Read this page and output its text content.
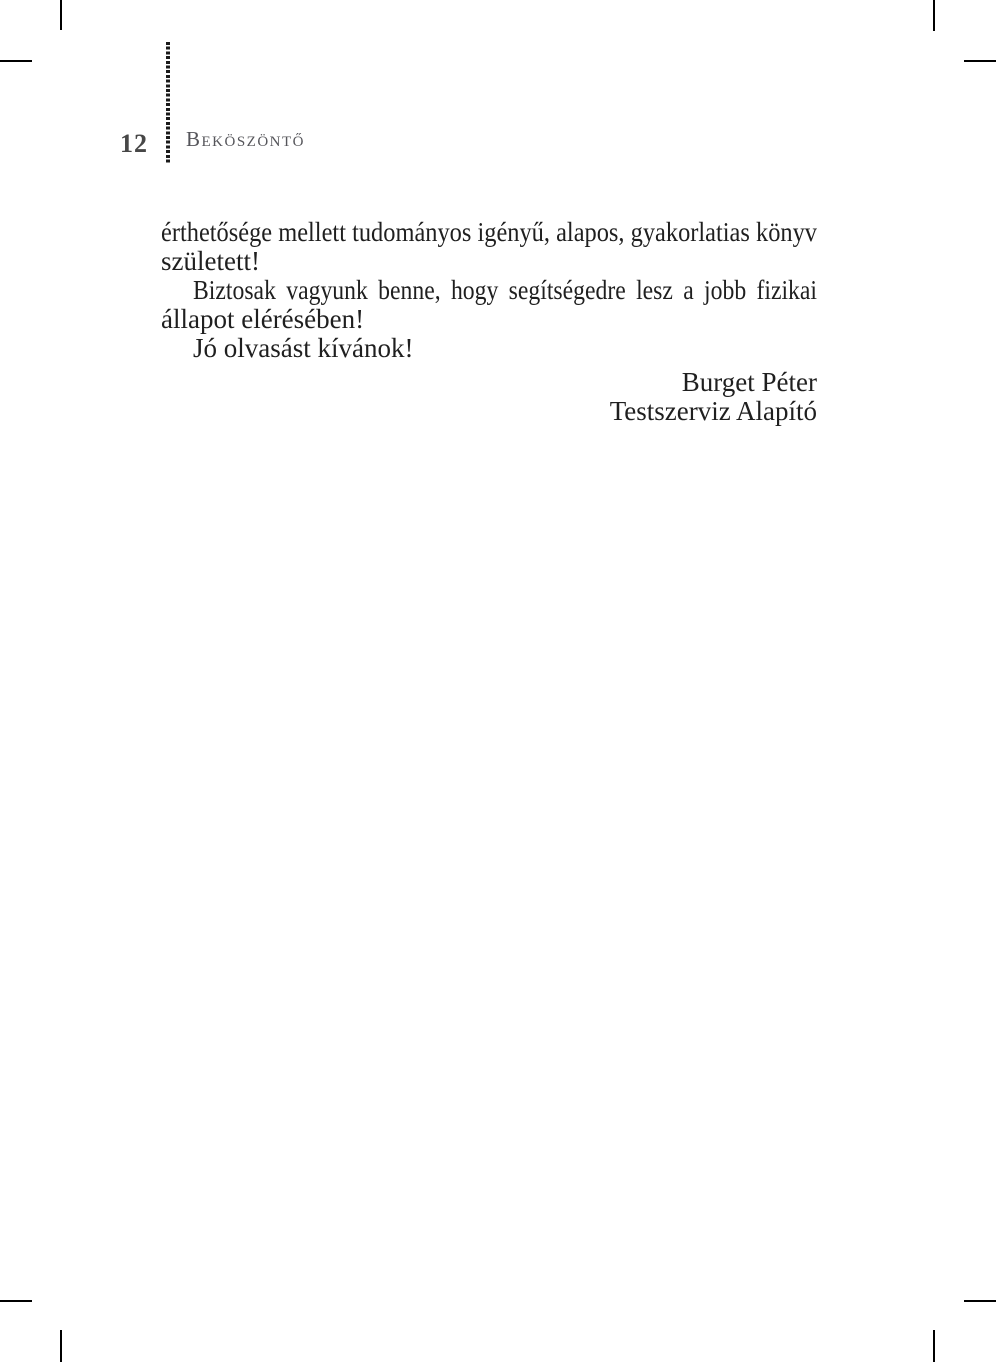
12 Beköszöntő
érthetősége mellett tudományos igényű, alapos, gyakorlatias könyv
született!
Biztosak vagyunk benne, hogy segítségedre lesz a jobb fizikai
állapot elérésében!
Jó olvasást kívánok!
Burget Péter
Testszerviz Alapító
